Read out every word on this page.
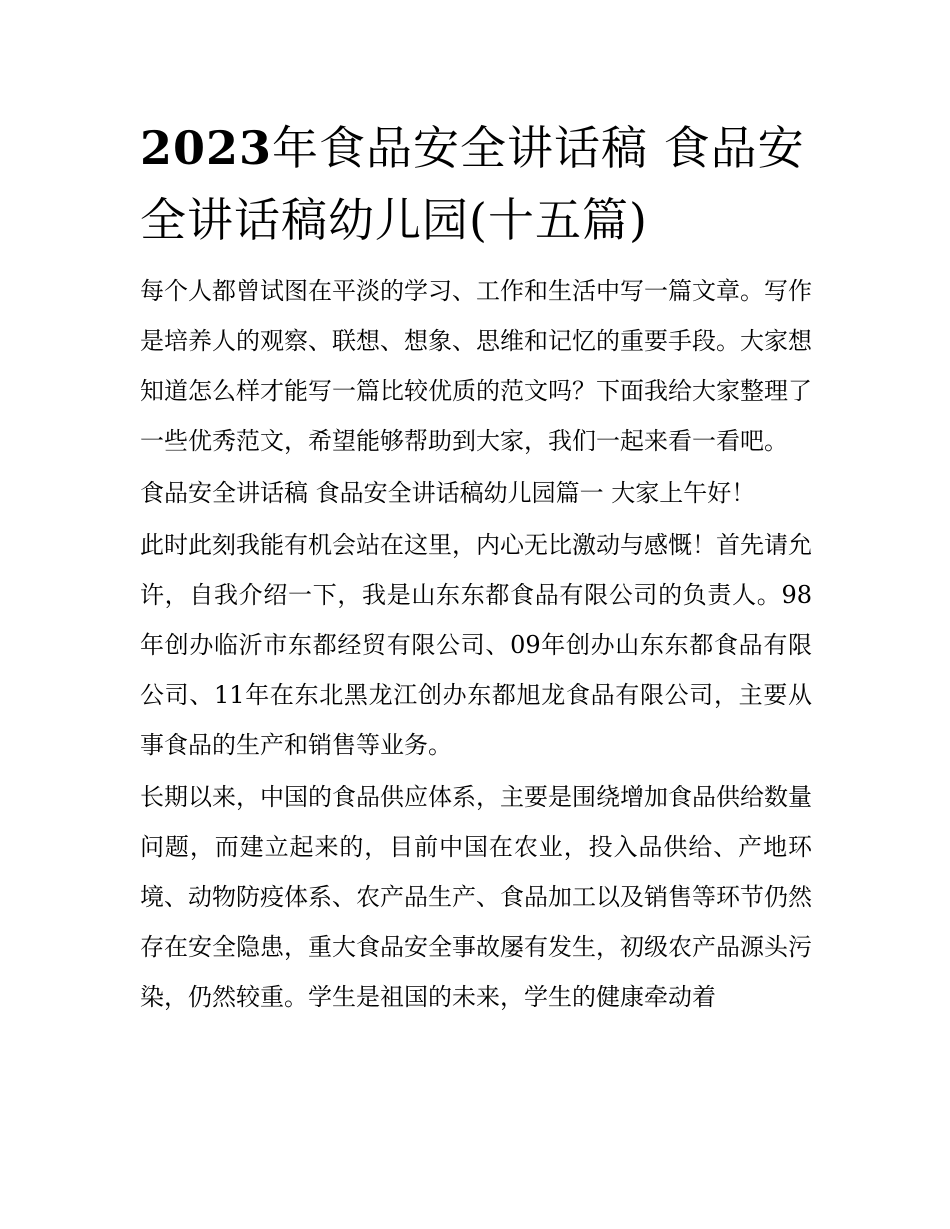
2023年食品安全讲话稿 食品安全讲话稿幼儿园(十五篇)

每个人都曾试图在平淡的学习、工作和生活中写一篇文章。写作是培养人的观察、联想、想象、思维和记忆的重要手段。大家想知道怎么样才能写一篇比较优质的范文吗？下面我给大家整理了一些优秀范文，希望能够帮助到大家，我们一起来看一看吧。

食品安全讲话稿 食品安全讲话稿幼儿园篇一 大家上午好！

此时此刻我能有机会站在这里，内心无比激动与感慨！首先请允许，自我介绍一下，我是山东东都食品有限公司的负责人。98年创办临沂市东都经贸有限公司、09年创办山东东都食品有限公司、11年在东北黑龙江创办东都旭龙食品有限公司，主要从事食品的生产和销售等业务。

长期以来，中国的食品供应体系，主要是围绕增加食品供给数量问题，而建立起来的，目前中国在农业，投入品供给、产地环境、动物防疫体系、农产品生产、食品加工以及销售等环节仍然存在安全隐患，重大食品安全事故屡有发生，初级农产品源头污染，仍然较重。学生是祖国的未来，学生的健康牵动着
